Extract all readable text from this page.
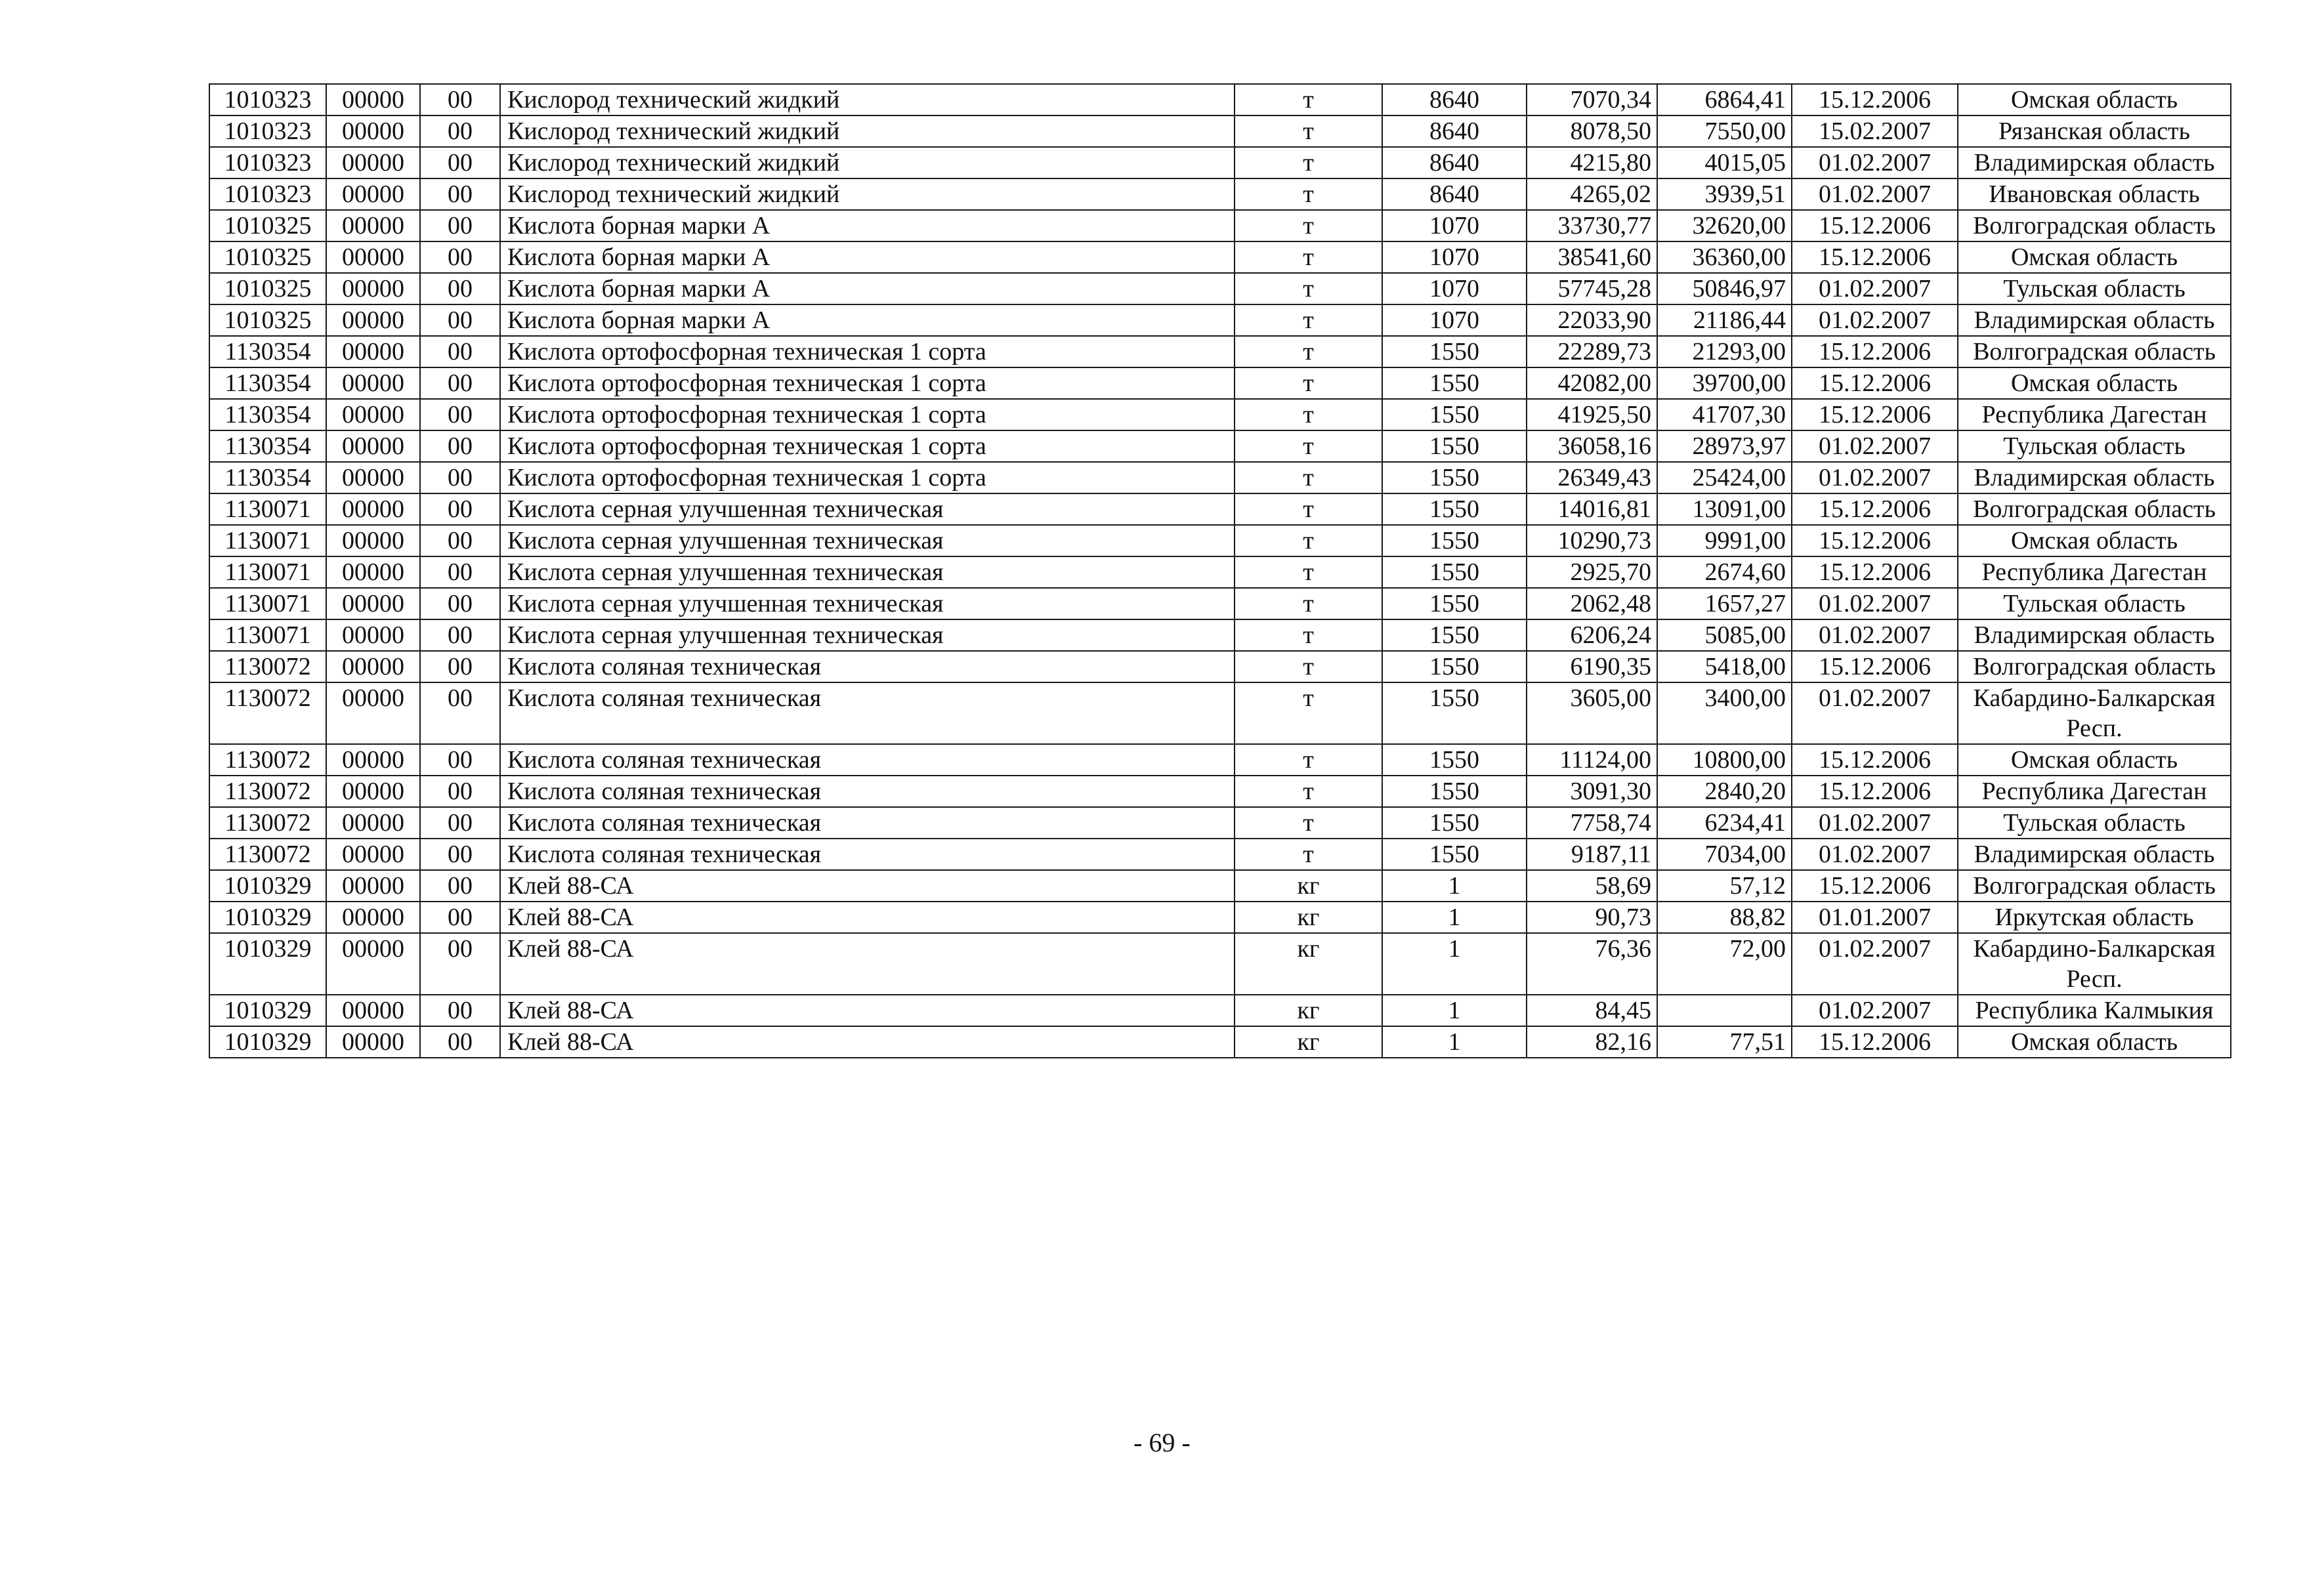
1010323	00000	00	Кислород технический жидкий	т	8640	7070,34	6864,41	15.12.2006	Омская область
1010323	00000	00	Кислород технический жидкий	т	8640	8078,50	7550,00	15.02.2007	Рязанская область
1010323	00000	00	Кислород технический жидкий	т	8640	4215,80	4015,05	01.02.2007	Владимирская область
1010323	00000	00	Кислород технический жидкий	т	8640	4265,02	3939,51	01.02.2007	Ивановская область
1010325	00000	00	Кислота борная марки А	т	1070	33730,77	32620,00	15.12.2006	Волгоградская область
1010325	00000	00	Кислота борная марки А	т	1070	38541,60	36360,00	15.12.2006	Омская область
1010325	00000	00	Кислота борная марки А	т	1070	57745,28	50846,97	01.02.2007	Тульская область
1010325	00000	00	Кислота борная марки А	т	1070	22033,90	21186,44	01.02.2007	Владимирская область
1130354	00000	00	Кислота ортофосфорная техническая 1 сорта	т	1550	22289,73	21293,00	15.12.2006	Волгоградская область
1130354	00000	00	Кислота ортофосфорная техническая 1 сорта	т	1550	42082,00	39700,00	15.12.2006	Омская область
1130354	00000	00	Кислота ортофосфорная техническая 1 сорта	т	1550	41925,50	41707,30	15.12.2006	Республика Дагестан
1130354	00000	00	Кислота ортофосфорная техническая 1 сорта	т	1550	36058,16	28973,97	01.02.2007	Тульская область
1130354	00000	00	Кислота ортофосфорная техническая 1 сорта	т	1550	26349,43	25424,00	01.02.2007	Владимирская область
1130071	00000	00	Кислота серная улучшенная техническая	т	1550	14016,81	13091,00	15.12.2006	Волгоградская область
1130071	00000	00	Кислота серная улучшенная техническая	т	1550	10290,73	9991,00	15.12.2006	Омская область
1130071	00000	00	Кислота серная улучшенная техническая	т	1550	2925,70	2674,60	15.12.2006	Республика Дагестан
1130071	00000	00	Кислота серная улучшенная техническая	т	1550	2062,48	1657,27	01.02.2007	Тульская область
1130071	00000	00	Кислота серная улучшенная техническая	т	1550	6206,24	5085,00	01.02.2007	Владимирская область
1130072	00000	00	Кислота соляная техническая	т	1550	6190,35	5418,00	15.12.2006	Волгоградская область
1130072	00000	00	Кислота соляная техническая	т	1550	3605,00	3400,00	01.02.2007	Кабардино-Балкарская Респ.
1130072	00000	00	Кислота соляная техническая	т	1550	11124,00	10800,00	15.12.2006	Омская область
1130072	00000	00	Кислота соляная техническая	т	1550	3091,30	2840,20	15.12.2006	Республика Дагестан
1130072	00000	00	Кислота соляная техническая	т	1550	7758,74	6234,41	01.02.2007	Тульская область
1130072	00000	00	Кислота соляная техническая	т	1550	9187,11	7034,00	01.02.2007	Владимирская область
1010329	00000	00	Клей 88-СА	кг	1	58,69	57,12	15.12.2006	Волгоградская область
1010329	00000	00	Клей 88-СА	кг	1	90,73	88,82	01.01.2007	Иркутская область
1010329	00000	00	Клей 88-СА	кг	1	76,36	72,00	01.02.2007	Кабардино-Балкарская Респ.
1010329	00000	00	Клей 88-СА	кг	1	84,45		01.02.2007	Республика Калмыкия
1010329	00000	00	Клей 88-СА	кг	1	82,16	77,51	15.12.2006	Омская область
- 69 -
